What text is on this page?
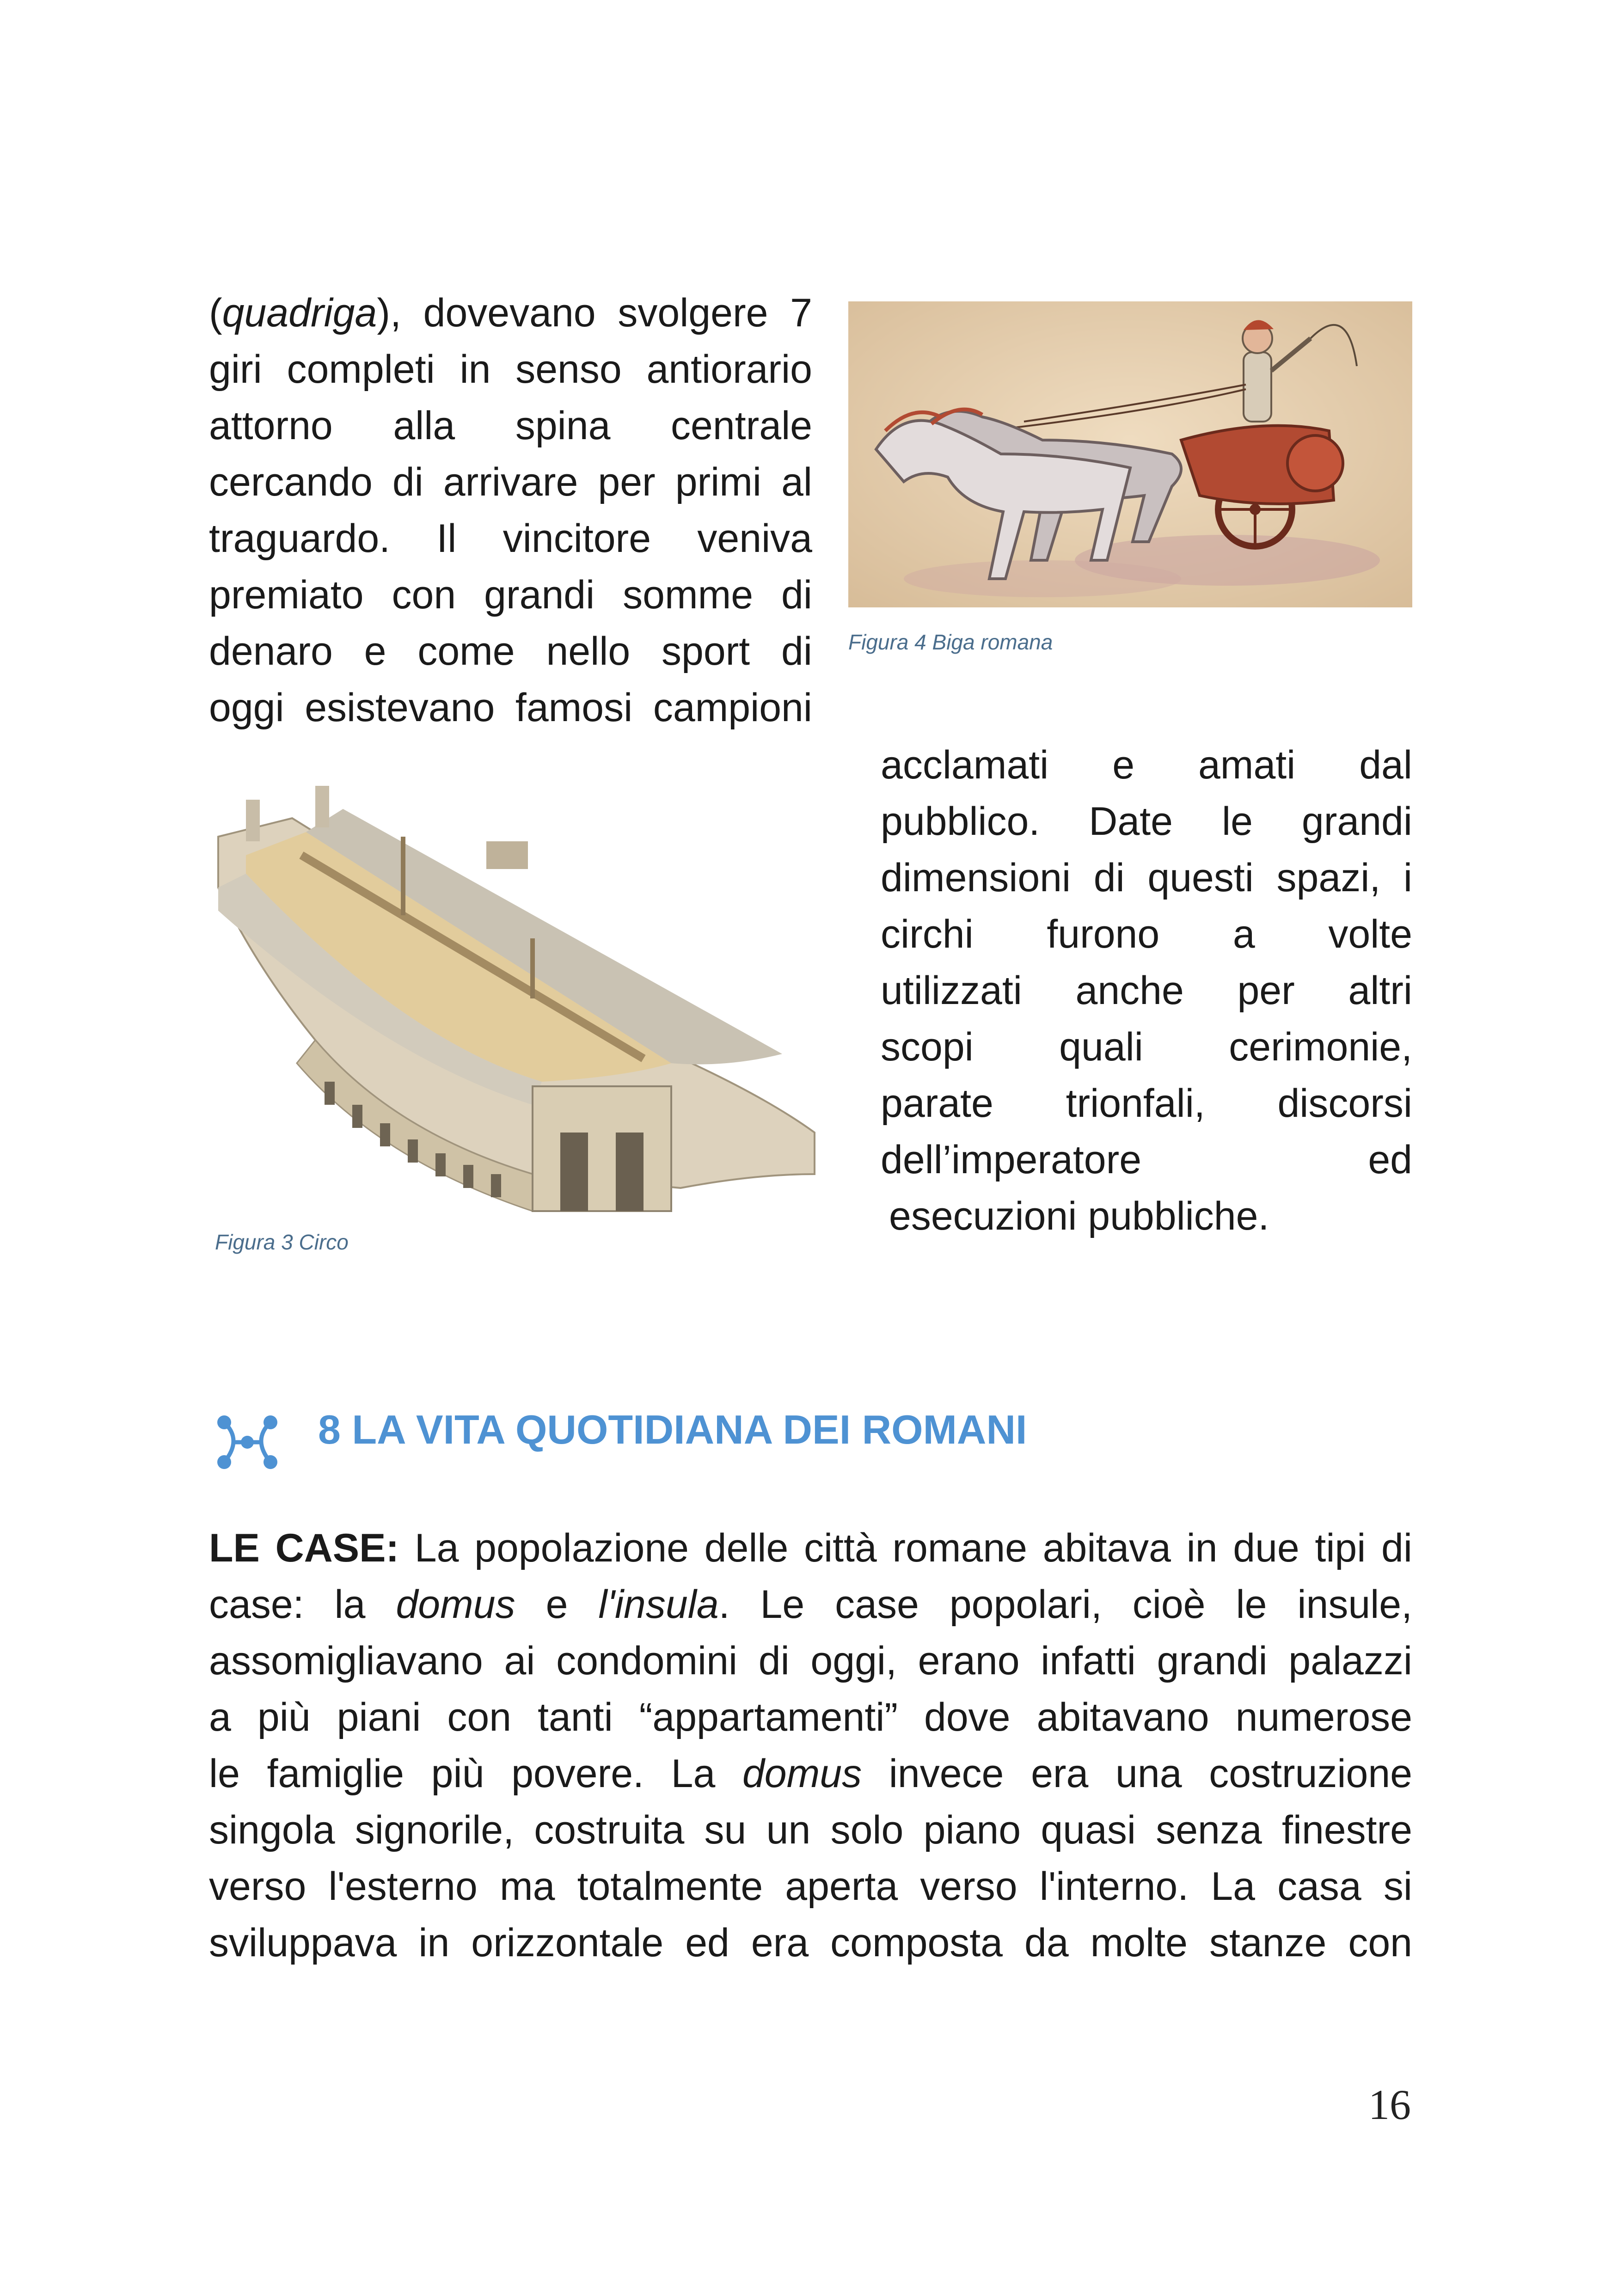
(quadriga), dovevano svolgere 7
giri completi in senso antiorario
attorno alla spina centrale
cercando di arrivare per primi al
traguardo. Il vincitore veniva
premiato con grandi somme di
denaro e come nello sport di
oggi esistevano famosi campioni
Figura 4 Biga romana
Figura 3 Circo
acclamati e amati dal
pubblico. Date le grandi
dimensioni di questi spazi, i
circhi furono a volte
utilizzati anche per altri
scopi quali cerimonie,
parate trionfali, discorsi
dell’imperatore ed
esecuzioni pubbliche.
8 LA VITA QUOTIDIANA DEI ROMANI
LE CASE: La popolazione delle città romane abitava in due tipi di
case: la domus e l'insula. Le case popolari, cioè le insule,
assomigliavano ai condomini di oggi, erano infatti grandi palazzi
a più piani con tanti “appartamenti” dove abitavano numerose
le famiglie più povere. La domus invece era una costruzione
singola signorile, costruita su un solo piano quasi senza finestre
verso l'esterno ma totalmente aperta verso l'interno. La casa si
sviluppava in orizzontale ed era composta da molte stanze con
16
